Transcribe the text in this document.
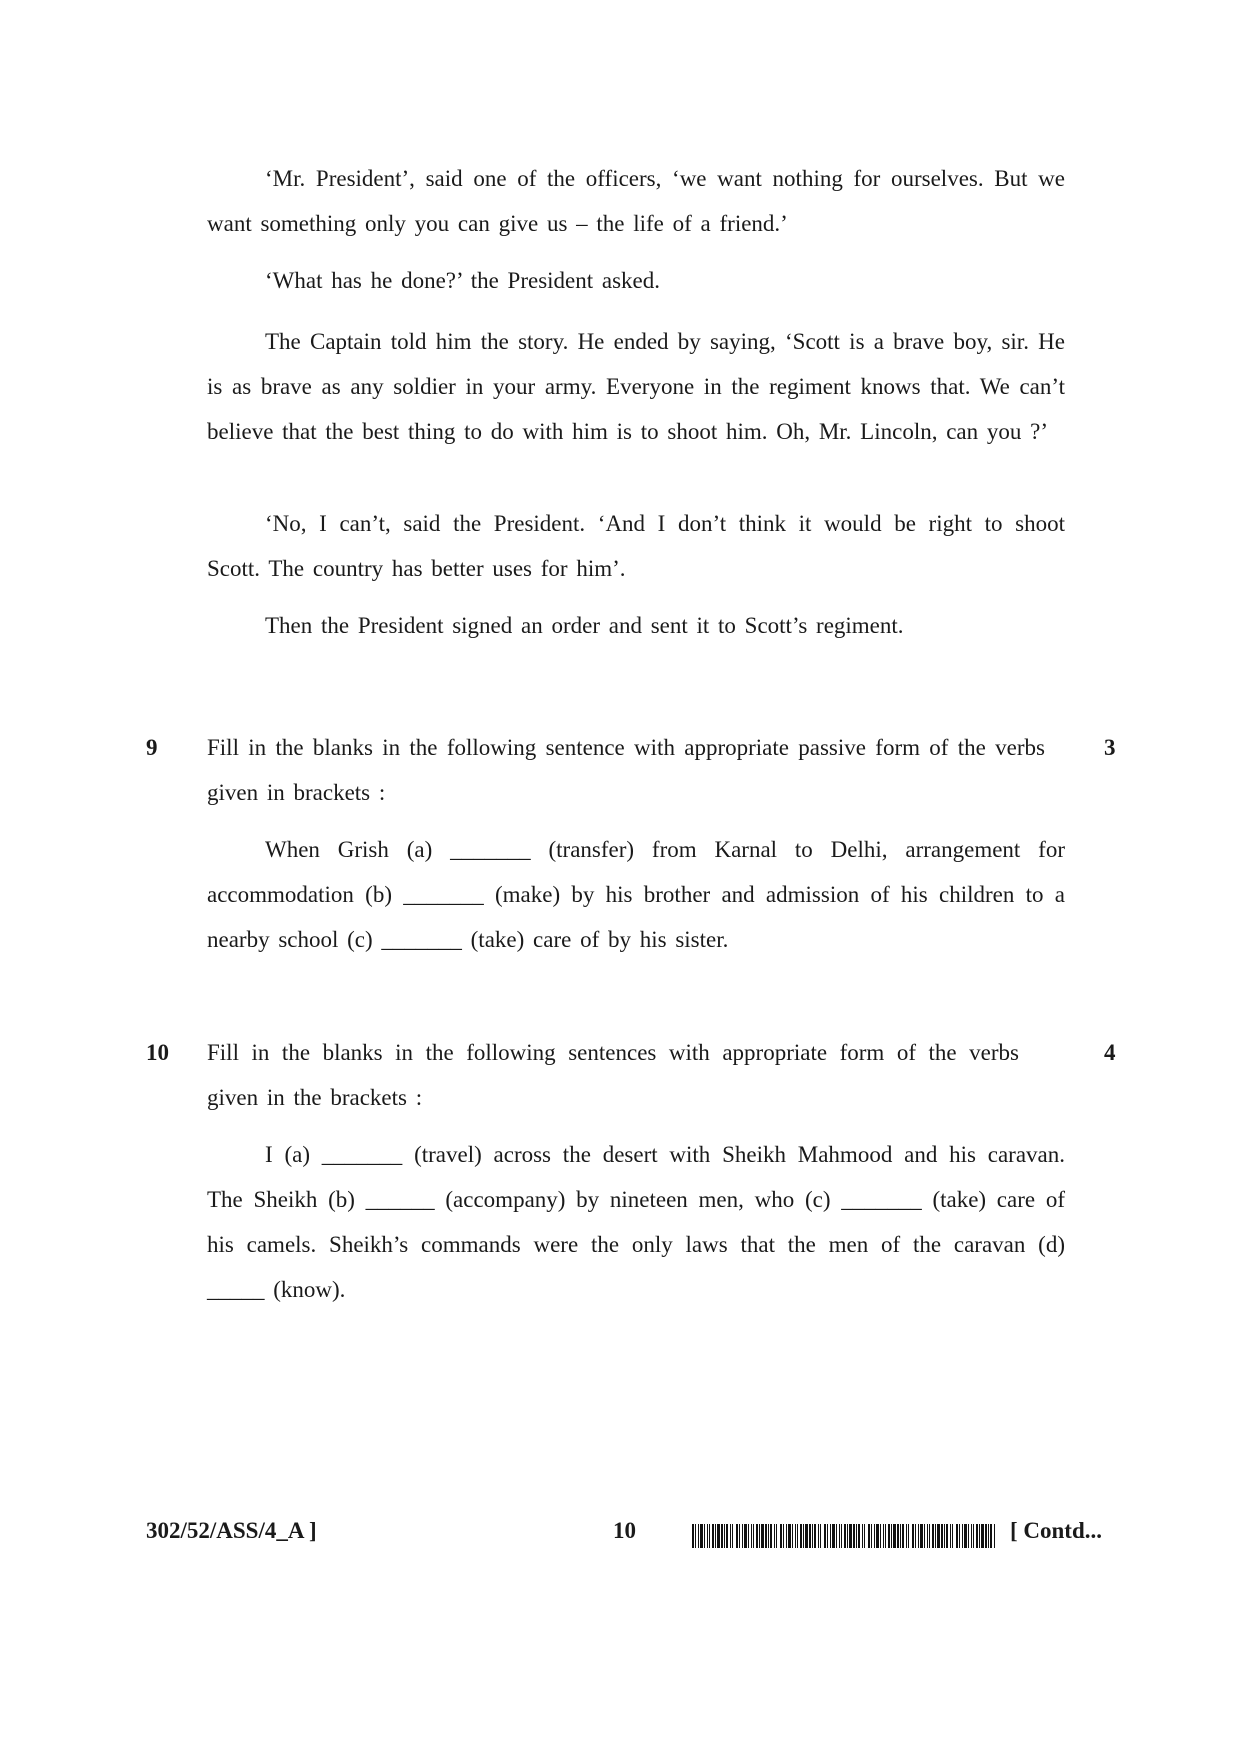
‘Mr. President’, said one of the officers, ‘we want nothing for ourselves. But we want something only you can give us – the life of a friend.’
‘What has he done?’ the President asked.
The Captain told him the story. He ended by saying, ‘Scott is a brave boy, sir. He is as brave as any soldier in your army. Everyone in the regiment knows that. We can’t believe that the best thing to do with him is to shoot him. Oh, Mr. Lincoln, can you ?’
‘No, I can’t, said the President. ‘And I don’t think it would be right to shoot Scott. The country has better uses for him’.
Then the President signed an order and sent it to Scott’s regiment.
9 Fill in the blanks in the following sentence with appropriate passive form of the verbs given in brackets :
3
When Grish (a) _______ (transfer) from Karnal to Delhi, arrangement for accommodation (b) _______ (make) by his brother and admission of his children to a nearby school (c) _______ (take) care of by his sister.
10 Fill in the blanks in the following sentences with appropriate form of the verbs given in the brackets :
4
I (a) _______ (travel) across the desert with Sheikh Mahmood and his caravan. The Sheikh (b) ______ (accompany) by nineteen men, who (c) _______ (take) care of his camels. Sheikh’s commands were the only laws that the men of the caravan (d) _____ (know).
302/52/ASS/4_A ]	10	[ Contd...
